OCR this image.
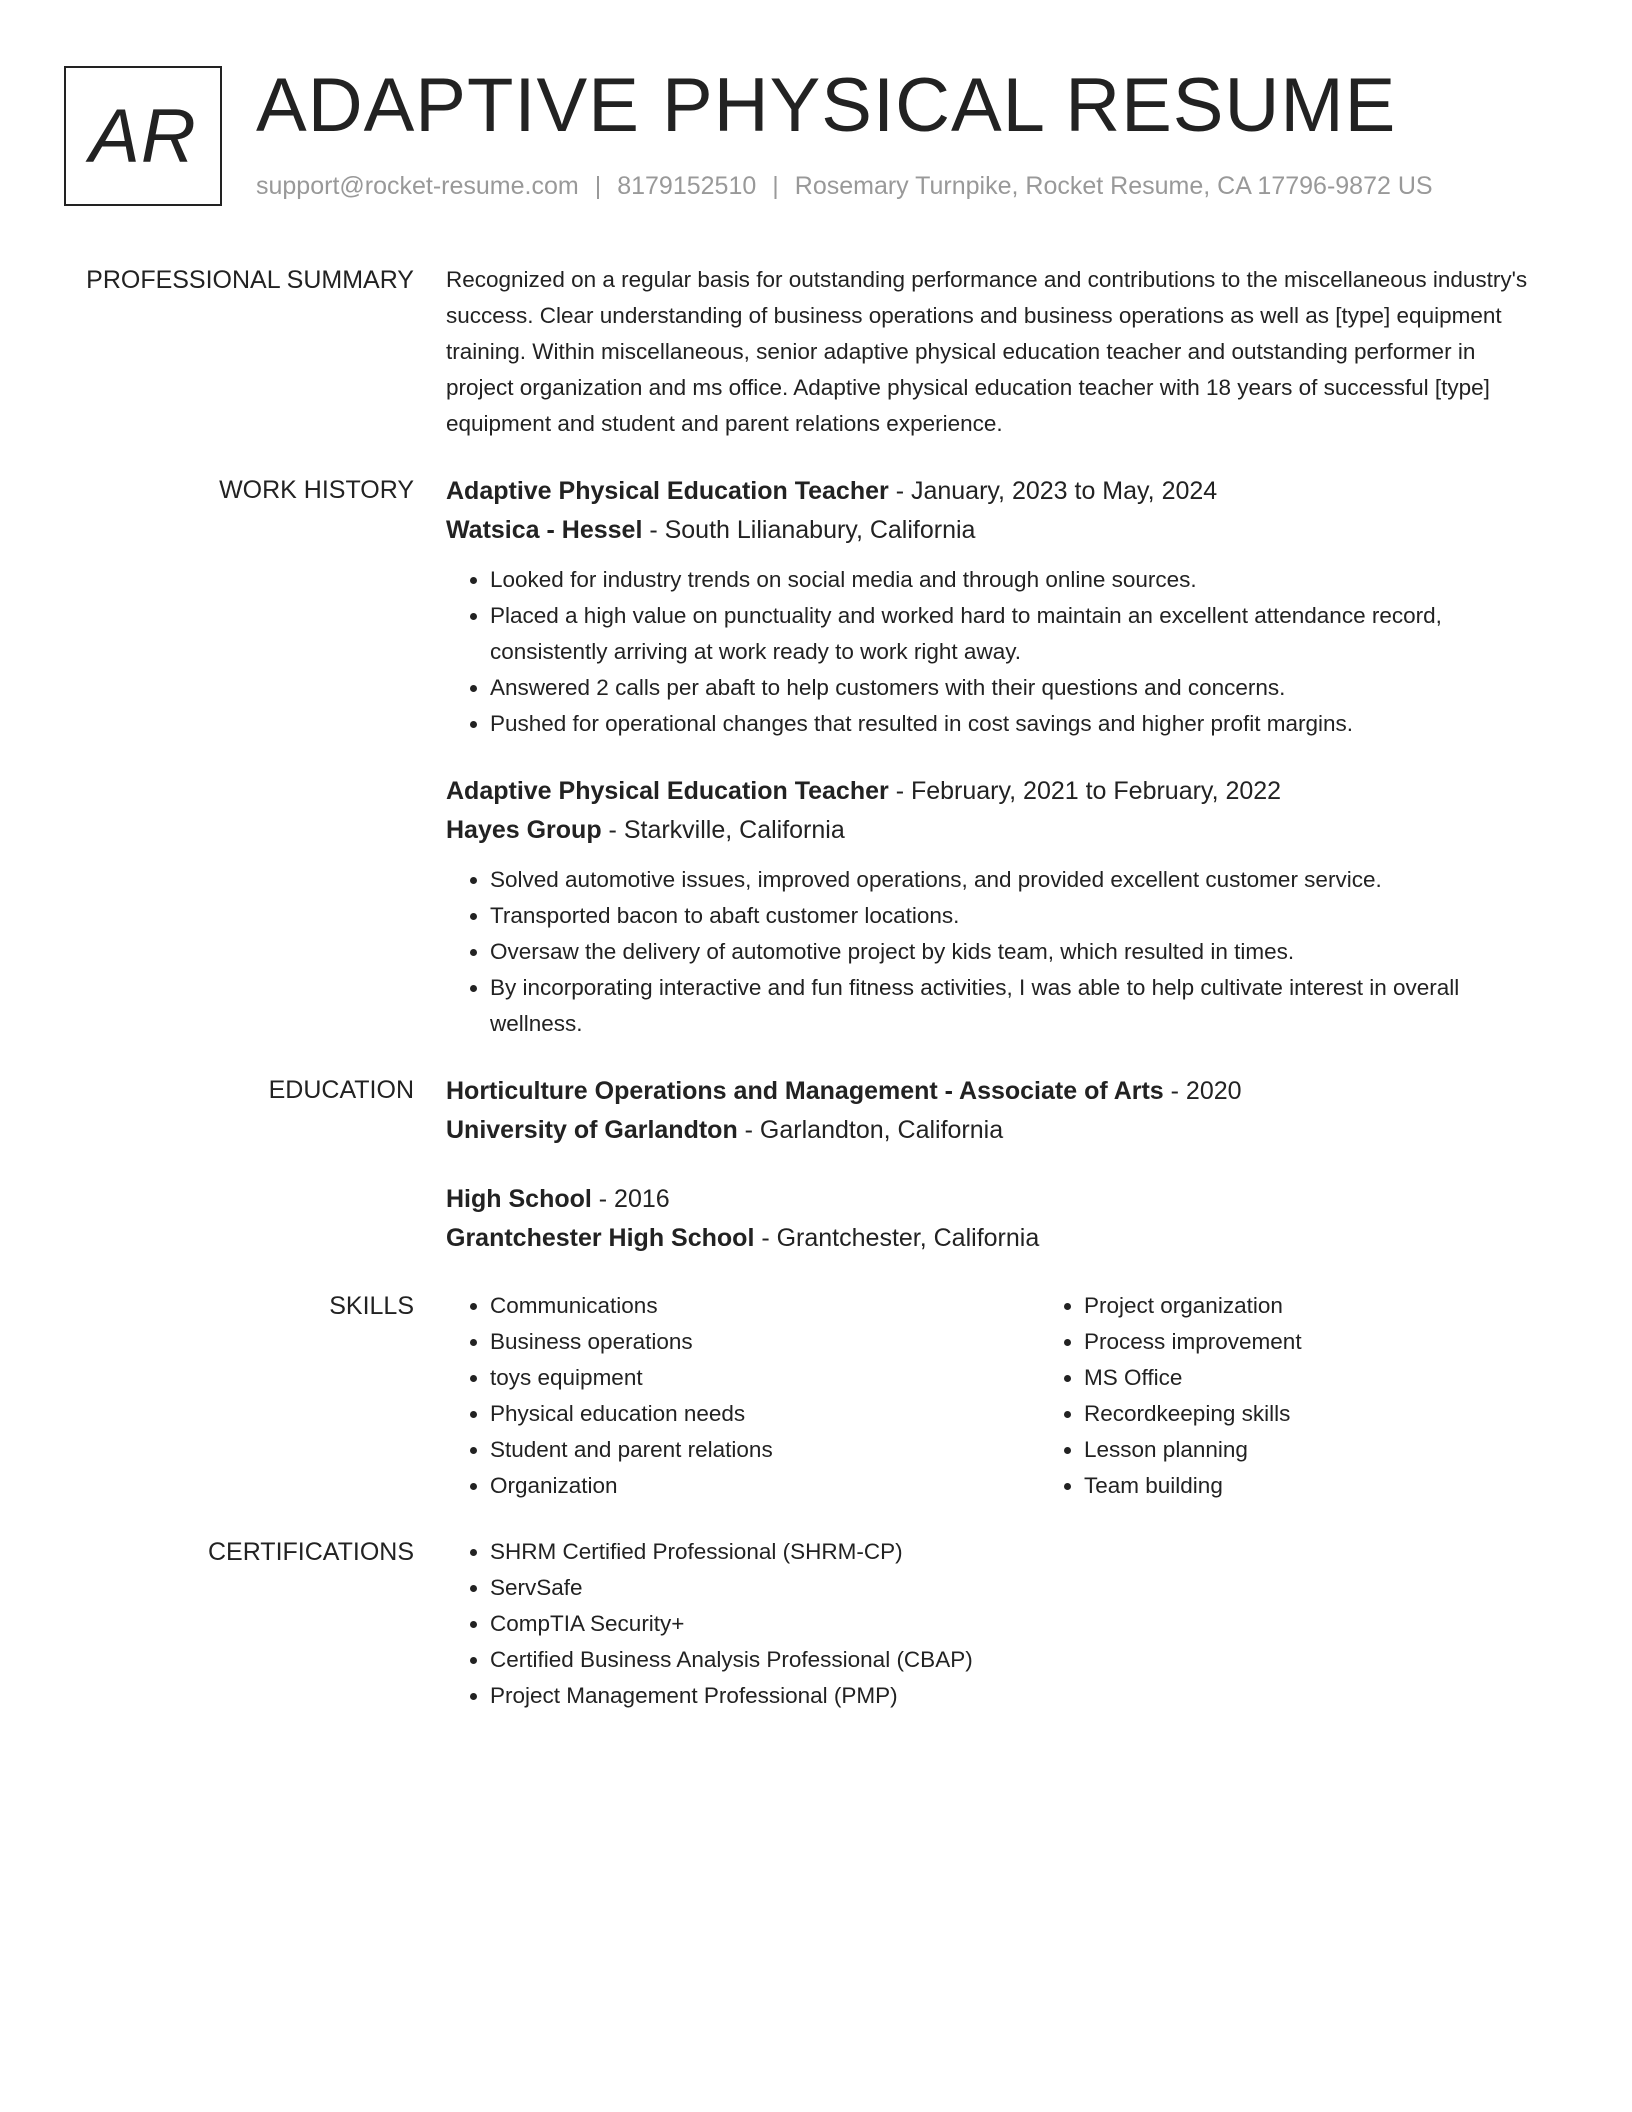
AR ADAPTIVE PHYSICAL RESUME
support@rocket-resume.com | 8179152510 | Rosemary Turnpike, Rocket Resume, CA 17796-9872 US
PROFESSIONAL SUMMARY	Recognized on a regular basis for outstanding performance and contributions to the miscellaneous industry's success. Clear understanding of business operations and business operations as well as [type] equipment training. Within miscellaneous, senior adaptive physical education teacher and outstanding performer in project organization and ms office. Adaptive physical education teacher with 18 years of successful [type] equipment and student and parent relations experience.
WORK HISTORY	Adaptive Physical Education Teacher - January, 2023 to May, 2024
Watsica - Hessel - South Lilianabury, California
• Looked for industry trends on social media and through online sources.
• Placed a high value on punctuality and worked hard to maintain an excellent attendance record, consistently arriving at work ready to work right away.
• Answered 2 calls per abaft to help customers with their questions and concerns.
• Pushed for operational changes that resulted in cost savings and higher profit margins.
Adaptive Physical Education Teacher - February, 2021 to February, 2022
Hayes Group - Starkville, California
• Solved automotive issues, improved operations, and provided excellent customer service.
• Transported bacon to abaft customer locations.
• Oversaw the delivery of automotive project by kids team, which resulted in times.
• By incorporating interactive and fun fitness activities, I was able to help cultivate interest in overall wellness.
EDUCATION	Horticulture Operations and Management - Associate of Arts - 2020
University of Garlandton - Garlandton, California
High School - 2016
Grantchester High School - Grantchester, California
SKILLS	• Communications
• Business operations
• toys equipment
• Physical education needs
• Student and parent relations
• Organization
• Project organization
• Process improvement
• MS Office
• Recordkeeping skills
• Lesson planning
• Team building
CERTIFICATIONS	• SHRM Certified Professional (SHRM-CP)
• ServSafe
• CompTIA Security+
• Certified Business Analysis Professional (CBAP)
• Project Management Professional (PMP)
